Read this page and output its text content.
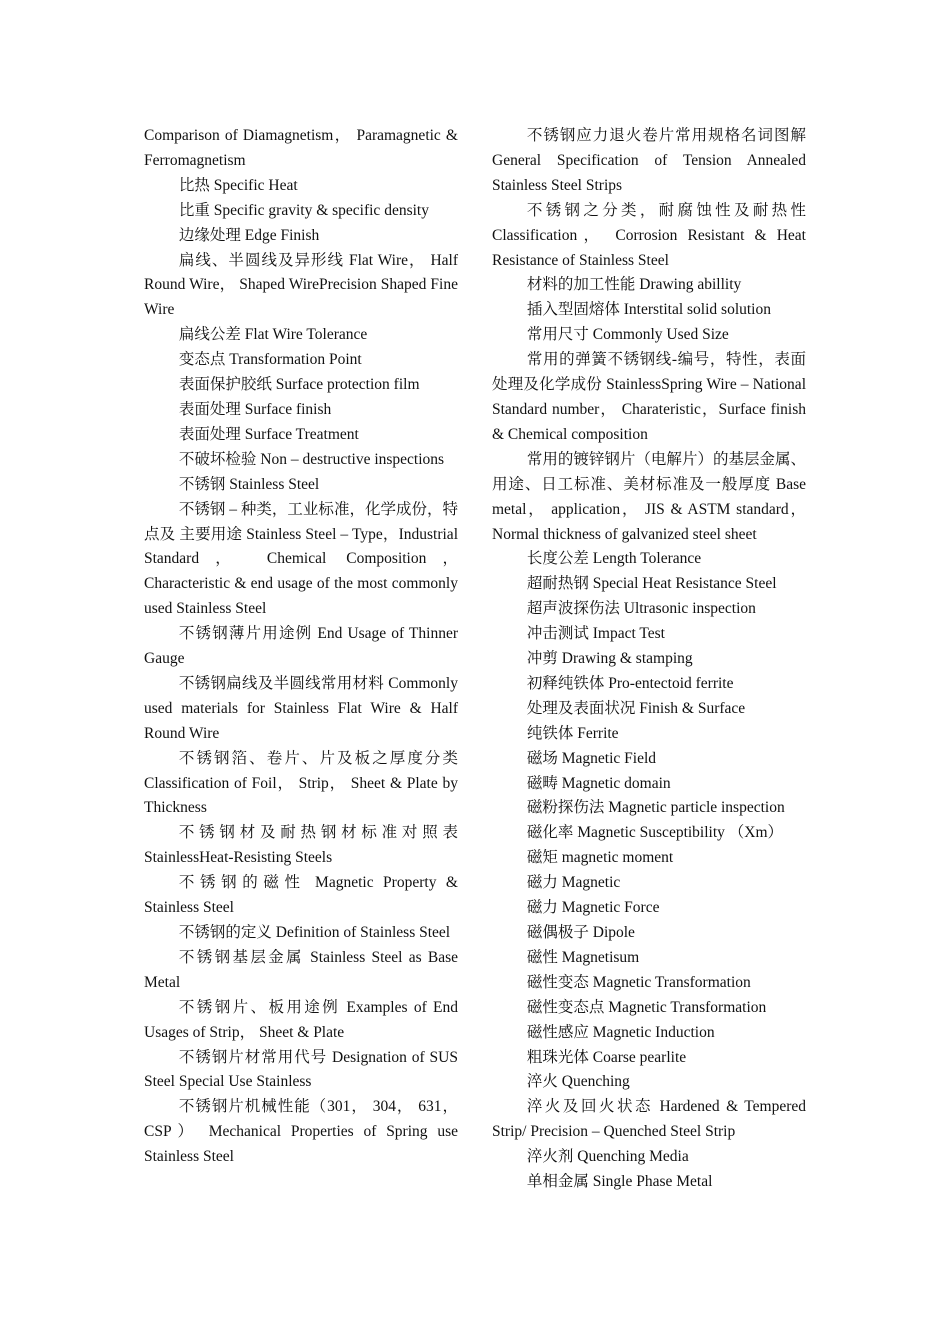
Comparison of Diamagnetism， Paramagnetic & Ferromagnetism

比热 Specific Heat

比重 Specific gravity & specific density

边缘处理 Edge Finish

扁线、半圆线及异形线 Flat Wire， Half Round Wire， Shaped WirePrecision Shaped Fine Wire

扁线公差 Flat Wire Tolerance

变态点 Transformation Point

表面保护胶纸 Surface protection film

表面处理 Surface finish

表面处理 Surface Treatment

不破坏检验 Non – destructive inspections

不锈钢 Stainless Steel

不锈钢 – 种类，工业标准，化学成份，特点及 主要用途 Stainless Steel – Type，Industrial Standard， Chemical Composition，Characteristic & end usage of the most commonly used Stainless Steel

不锈钢薄片用途例 End Usage of Thinner Gauge

不锈钢扁线及半圆线常用材料 Commonly used materials for Stainless Flat Wire & Half Round Wire

不锈钢箔、卷片、片及板之厚度分类 Classification of Foil， Strip， Sheet & Plate by Thickness

不锈钢材及耐热钢材标准对照表 StainlessHeat-Resisting Steels

不锈钢的磁性 Magnetic Property & Stainless Steel

不锈钢的定义 Definition of Stainless Steel

不锈钢基层金属 Stainless Steel as Base Metal

不锈钢片、板用途例 Examples of End Usages of Strip， Sheet & Plate

不锈钢片材常用代号 Designation of SUS Steel Special Use Stainless

不锈钢片机械性能（301， 304， 631， CSP） Mechanical Properties of Spring use Stainless Steel

不锈钢应力退火卷片常用规格名词图解 General Specification of Tension Annealed Stainless Steel Strips

不锈钢之分类，耐腐蚀性及耐热性 Classification， Corrosion Resistant & Heat Resistance of Stainless Steel

材料的加工性能 Drawing abillity

插入型固熔体 Interstital solid solution

常用尺寸 Commonly Used Size

常用的弹簧不锈钢线-编号，特性，表面处理及化学成份 StainlessSpring Wire – National Standard number， Charateristic，Surface finish & Chemical composition

常用的镀锌钢片（电解片）的基层金属、用途、日工标准、美材标准及一般厚度 Base metal， application， JIS & ASTM standard，Normal thickness of galvanized steel sheet

长度公差 Length Tolerance

超耐热钢 Special Heat Resistance Steel

超声波探伤法 Ultrasonic inspection

冲击测试 Impact Test

冲剪 Drawing & stamping

初释纯铁体 Pro-entectoid ferrite

处理及表面状况 Finish & Surface

纯铁体 Ferrite

磁场 Magnetic Field

磁畴 Magnetic domain

磁粉探伤法 Magnetic particle inspection

磁化率 Magnetic Susceptibility （Xm）

磁矩 magnetic moment

磁力 Magnetic

磁力 Magnetic Force

磁偶极子 Dipole

磁性 Magnetisum

磁性变态 Magnetic Transformation

磁性变态点 Magnetic Transformation

磁性感应 Magnetic Induction

粗珠光体 Coarse pearlite

淬火 Quenching

淬火及回火状态 Hardened & Tempered Strip/ Precision – Quenched Steel Strip

淬火剂 Quenching Media

单相金属 Single Phase Metal
